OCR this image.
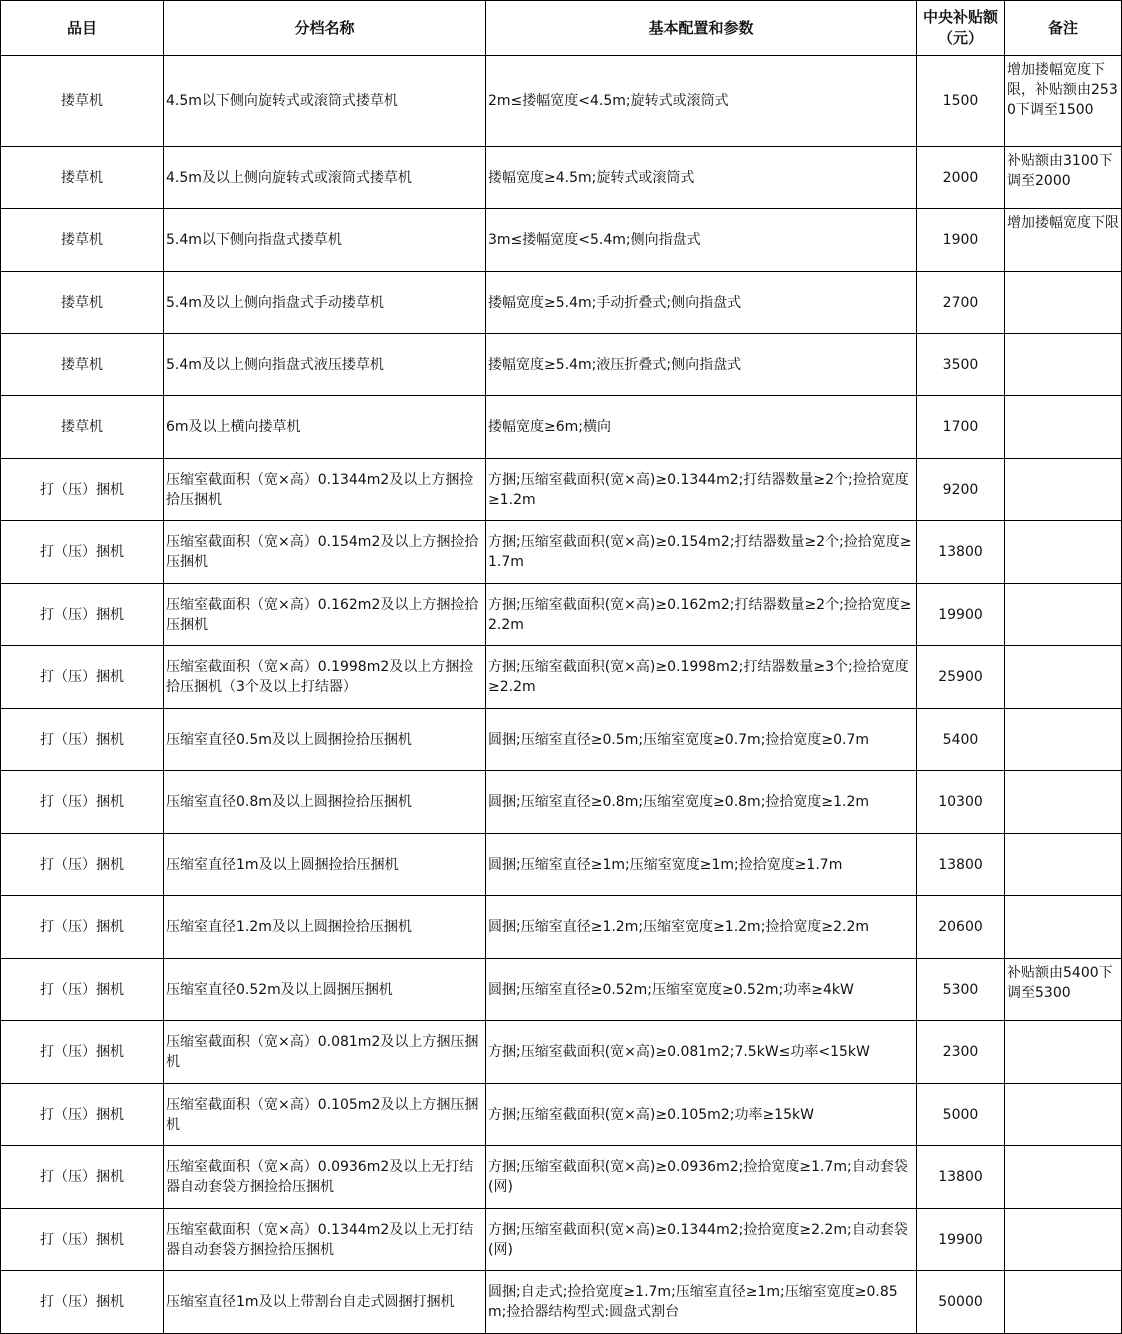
品目	分档名称	基本配置和参数	中央补贴额（元）	备注
搂草机	4.5m以下侧向旋转式或滚筒式搂草机	2m≤搂幅宽度<4.5m;旋转式或滚筒式	1500	增加搂幅宽度下限，补贴额由2530下调至1500
搂草机	4.5m及以上侧向旋转式或滚筒式搂草机	搂幅宽度≥4.5m;旋转式或滚筒式	2000	补贴额由3100下调至2000
搂草机	5.4m以下侧向指盘式搂草机	3m≤搂幅宽度<5.4m;侧向指盘式	1900	增加搂幅宽度下限
搂草机	5.4m及以上侧向指盘式手动搂草机	搂幅宽度≥5.4m;手动折叠式;侧向指盘式	2700	
搂草机	5.4m及以上侧向指盘式液压搂草机	搂幅宽度≥5.4m;液压折叠式;侧向指盘式	3500	
搂草机	6m及以上横向搂草机	搂幅宽度≥6m;横向	1700	
打（压）捆机	压缩室截面积（宽×高）0.1344m2及以上方捆捡拾压捆机	方捆;压缩室截面积(宽×高)≥0.1344m2;打结器数量≥2个;捡拾宽度≥1.2m	9200	
打（压）捆机	压缩室截面积（宽×高）0.154m2及以上方捆捡拾压捆机	方捆;压缩室截面积(宽×高)≥0.154m2;打结器数量≥2个;捡拾宽度≥1.7m	13800	
打（压）捆机	压缩室截面积（宽×高）0.162m2及以上方捆捡拾压捆机	方捆;压缩室截面积(宽×高)≥0.162m2;打结器数量≥2个;捡拾宽度≥2.2m	19900	
打（压）捆机	压缩室截面积（宽×高）0.1998m2及以上方捆捡拾压捆机（3个及以上打结器）	方捆;压缩室截面积(宽×高)≥0.1998m2;打结器数量≥3个;捡拾宽度≥2.2m	25900	
打（压）捆机	压缩室直径0.5m及以上圆捆捡拾压捆机	圆捆;压缩室直径≥0.5m;压缩室宽度≥0.7m;捡拾宽度≥0.7m	5400	
打（压）捆机	压缩室直径0.8m及以上圆捆捡拾压捆机	圆捆;压缩室直径≥0.8m;压缩室宽度≥0.8m;捡拾宽度≥1.2m	10300	
打（压）捆机	压缩室直径1m及以上圆捆捡拾压捆机	圆捆;压缩室直径≥1m;压缩室宽度≥1m;捡拾宽度≥1.7m	13800	
打（压）捆机	压缩室直径1.2m及以上圆捆捡拾压捆机	圆捆;压缩室直径≥1.2m;压缩室宽度≥1.2m;捡拾宽度≥2.2m	20600	
打（压）捆机	压缩室直径0.52m及以上圆捆压捆机	圆捆;压缩室直径≥0.52m;压缩室宽度≥0.52m;功率≥4kW	5300	补贴额由5400下调至5300
打（压）捆机	压缩室截面积（宽×高）0.081m2及以上方捆压捆机	方捆;压缩室截面积(宽×高)≥0.081m2;7.5kW≤功率<15kW	2300	
打（压）捆机	压缩室截面积（宽×高）0.105m2及以上方捆压捆机	方捆;压缩室截面积(宽×高)≥0.105m2;功率≥15kW	5000	
打（压）捆机	压缩室截面积（宽×高）0.0936m2及以上无打结器自动套袋方捆捡拾压捆机	方捆;压缩室截面积(宽×高)≥0.0936m2;捡拾宽度≥1.7m;自动套袋(网)	13800	
打（压）捆机	压缩室截面积（宽×高）0.1344m2及以上无打结器自动套袋方捆捡拾压捆机	方捆;压缩室截面积(宽×高)≥0.1344m2;捡拾宽度≥2.2m;自动套袋(网)	19900	
打（压）捆机	压缩室直径1m及以上带割台自走式圆捆打捆机	圆捆;自走式;捡拾宽度≥1.7m;压缩室直径≥1m;压缩室宽度≥0.85m;捡拾器结构型式:圆盘式割台	50000	
